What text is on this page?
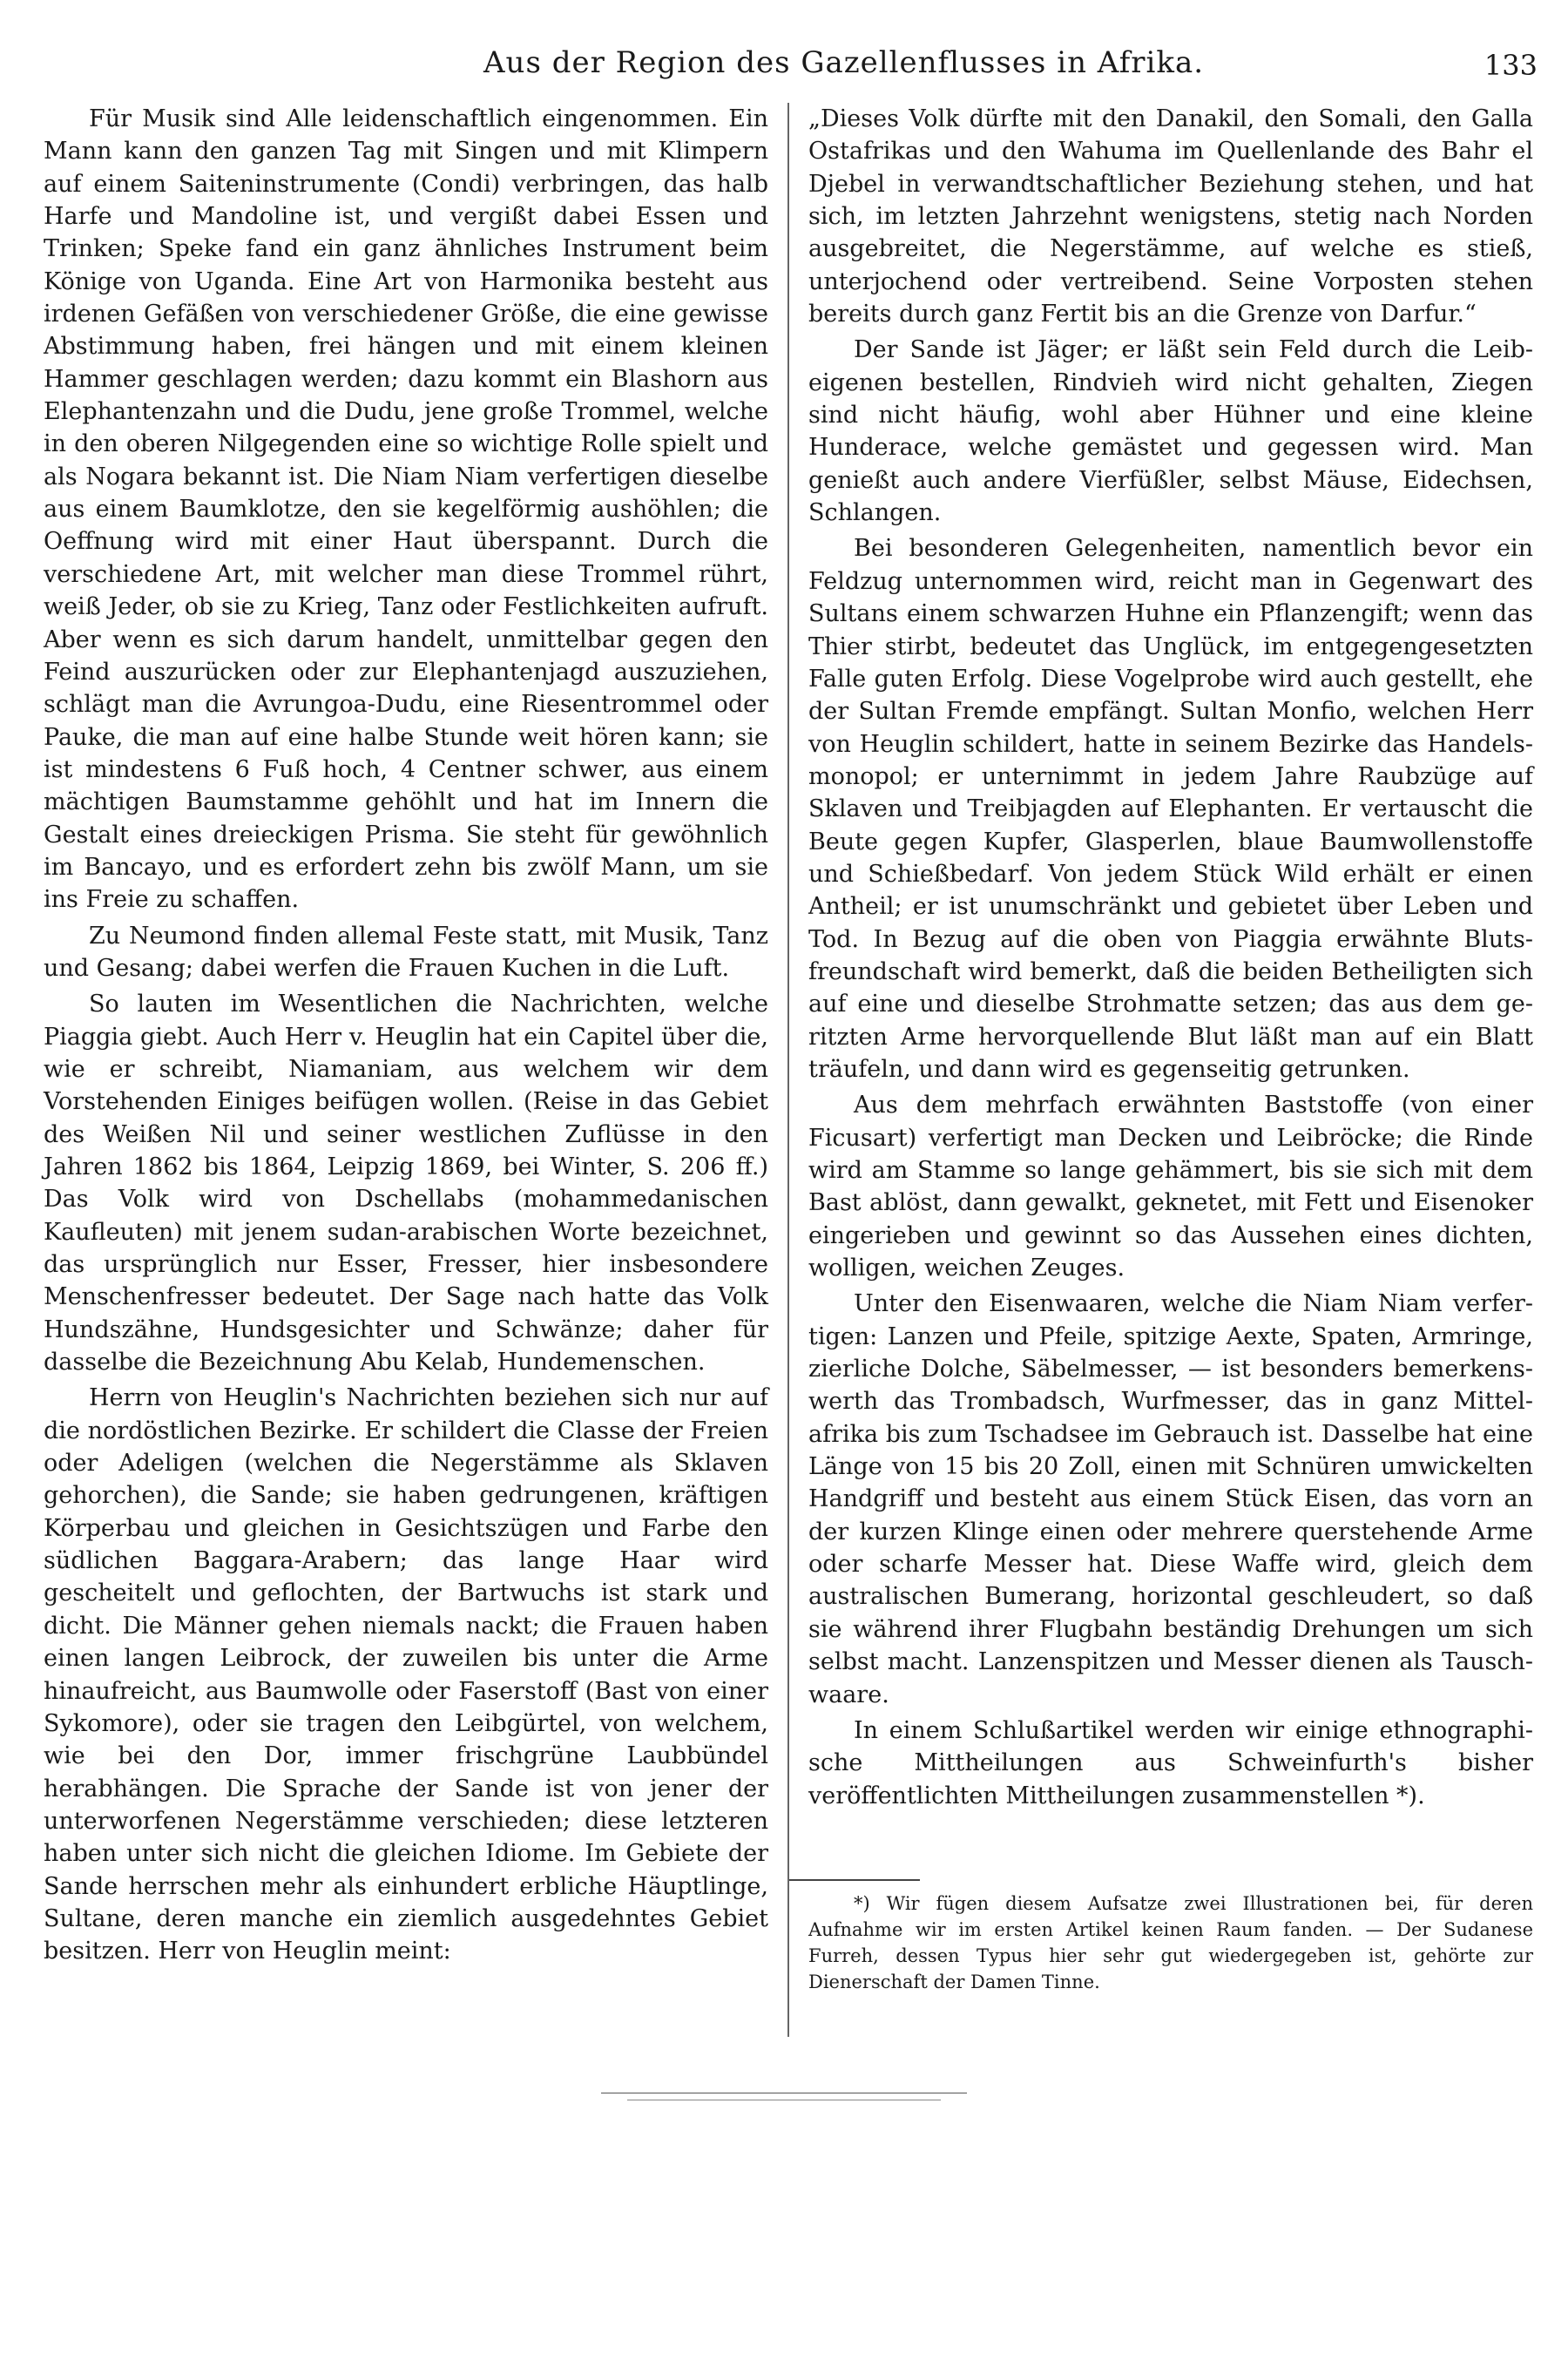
Aus der Region des Gazellenflusses in Afrika.	133

Für Musik sind Alle leidenschaftlich eingenommen. Ein Mann kann den ganzen Tag mit Singen und mit Klimpern auf einem Saiteninstrumente (Condi) verbringen, das halb Harfe und Mandoline ist, und vergißt dabei Essen und Trinken; Speke fand ein ganz ähnliches Instrument beim Könige von Uganda. Eine Art von Harmonika besteht aus irdenen Gefäßen von verschiedener Größe, die eine gewisse Abstimmung haben, frei hängen und mit einem kleinen Hammer geschlagen werden; dazu kommt ein Blashorn aus Elephantenzahn und die Dudu, jene große Trommel, welche in den oberen Nilgegenden eine so wichtige Rolle spielt und als Nogara bekannt ist. Die Niam Niam verfertigen dieselbe aus einem Baumklotze, den sie kegelförmig aushöhlen; die Oeffnung wird mit einer Haut überspannt. Durch die verschiedene Art, mit welcher man diese Trommel rührt, weiß Jeder, ob sie zu Krieg, Tanz oder Festlichkeiten aufruft. Aber wenn es sich darum handelt, unmittelbar gegen den Feind auszurücken oder zur Elephantenjagd auszuziehen, schlägt man die Avrungoa-Dudu, eine Riesentrommel oder Pauke, die man auf eine halbe Stunde weit hören kann; sie ist mindestens 6 Fuß hoch, 4 Centner schwer, aus einem mächtigen Baumstamme gehöhlt und hat im Innern die Gestalt eines dreieckigen Prisma. Sie steht für gewöhnlich im Bancayo, und es erfordert zehn bis zwölf Mann, um sie ins Freie zu schaffen.

Zu Neumond finden allemal Feste statt, mit Musik, Tanz und Gesang; dabei werfen die Frauen Kuchen in die Luft.

So lauten im Wesentlichen die Nachrichten, welche Piaggia giebt. Auch Herr v. Heuglin hat ein Capitel über die, wie er schreibt, Niamaniam, aus welchem wir dem Vorstehenden Einiges beifügen wollen. (Reise in das Gebiet des Weißen Nil und seiner westlichen Zuflüsse in den Jahren 1862 bis 1864, Leipzig 1869, bei Winter, S. 206 ff.) Das Volk wird von Dschellabs (mohammedanischen Kaufleuten) mit jenem sudan-arabischen Worte bezeichnet, das ursprünglich nur Esser, Fresser, hier insbesondere Menschenfresser bedeutet. Der Sage nach hatte das Volk Hundszähne, Hundsgesichter und Schwänze; daher für dasselbe die Bezeichnung Abu Kelab, Hundemenschen.

Herrn von Heuglin's Nachrichten beziehen sich nur auf die nordöstlichen Bezirke. Er schildert die Classe der Freien oder Adeligen (welchen die Negerstämme als Sklaven gehorchen), die Sande; sie haben gedrungenen, kräftigen Körperbau und gleichen in Gesichtszügen und Farbe den südlichen Baggara-Arabern; das lange Haar wird gescheitelt und geflochten, der Bartwuchs ist stark und dicht. Die Männer gehen niemals nackt; die Frauen haben einen langen Leibrock, der zuweilen bis unter die Arme hinaufreicht, aus Baumwolle oder Faserstoff (Bast von einer Sykomore), oder sie tragen den Leibgürtel, von welchem, wie bei den Dor, immer frischgrüne Laubbündel herabhängen. Die Sprache der Sande ist von jener der unterworfenen Negerstämme verschieden; diese letzteren haben unter sich nicht die gleichen Idiome. Im Gebiete der Sande herrschen mehr als einhundert erbliche Häuptlinge, Sultane, deren manche ein ziemlich ausgedehntes Gebiet besitzen. Herr von Heuglin meint:

„Dieses Volk dürfte mit den Danakil, den Somali, den Galla Ostafrikas und den Wahuma im Quellenlande des Bahr el Djebel in verwandtschaftlicher Beziehung stehen, und hat sich, im letzten Jahrzehnt wenigstens, stetig nach Norden ausgebreitet, die Negerstämme, auf welche es stieß, unterjochend oder vertreibend. Seine Vorposten stehen bereits durch ganz Fertit bis an die Grenze von Darfur.“

Der Sande ist Jäger; er läßt sein Feld durch die Leibeigenen bestellen, Rindvieh wird nicht gehalten, Ziegen sind nicht häufig, wohl aber Hühner und eine kleine Hunderace, welche gemästet und gegessen wird. Man genießt auch andere Vierfüßler, selbst Mäuse, Eidechsen, Schlangen.

Bei besonderen Gelegenheiten, namentlich bevor ein Feldzug unternommen wird, reicht man in Gegenwart des Sultans einem schwarzen Huhne ein Pflanzengift; wenn das Thier stirbt, bedeutet das Unglück, im entgegengesetzten Falle guten Erfolg. Diese Vogelprobe wird auch gestellt, ehe der Sultan Fremde empfängt. Sultan Monfio, welchen Herr von Heuglin schildert, hatte in seinem Bezirke das Handelsmonopol; er unternimmt in jedem Jahre Raubzüge auf Sklaven und Treibjagden auf Elephanten. Er vertauscht die Beute gegen Kupfer, Glasperlen, blaue Baumwollenstoffe und Schießbedarf. Von jedem Stück Wild erhält er einen Antheil; er ist unumschränkt und gebietet über Leben und Tod. In Bezug auf die oben von Piaggia erwähnte Blutsfreundschaft wird bemerkt, daß die beiden Betheiligten sich auf eine und dieselbe Strohmatte setzen; das aus dem geritzten Arme hervorquellende Blut läßt man auf ein Blatt träufeln, und dann wird es gegenseitig getrunken.

Aus dem mehrfach erwähnten Baststoffe (von einer Ficusart) verfertigt man Decken und Leibröcke; die Rinde wird am Stamme so lange gehämmert, bis sie sich mit dem Bast ablöst, dann gewalkt, geknetet, mit Fett und Eisenoker eingerieben und gewinnt so das Aussehen eines dichten, wolligen, weichen Zeuges.

Unter den Eisenwaaren, welche die Niam Niam verfertigen: Lanzen und Pfeile, spitzige Aexte, Spaten, Armringe, zierliche Dolche, Säbelmesser, — ist besonders bemerkenswerth das Trombadsch, Wurfmesser, das in ganz Mittelafrika bis zum Tschadsee im Gebrauch ist. Dasselbe hat eine Länge von 15 bis 20 Zoll, einen mit Schnüren umwickelten Handgriff und besteht aus einem Stück Eisen, das vorn an der kurzen Klinge einen oder mehrere querstehende Arme oder scharfe Messer hat. Diese Waffe wird, gleich dem australischen Bumerang, horizontal geschleudert, so daß sie während ihrer Flugbahn beständig Drehungen um sich selbst macht. Lanzenspitzen und Messer dienen als Tauschwaare.

In einem Schlußartikel werden wir einige ethnographische Mittheilungen aus Schweinfurth's bisher veröffentlichten Mittheilungen zusammenstellen *).

*) Wir fügen diesem Aufsatze zwei Illustrationen bei, für deren Aufnahme wir im ersten Artikel keinen Raum fanden. — Der Sudanese Furreh, dessen Typus hier sehr gut wiedergegeben ist, gehörte zur Dienerschaft der Damen Tinne.
